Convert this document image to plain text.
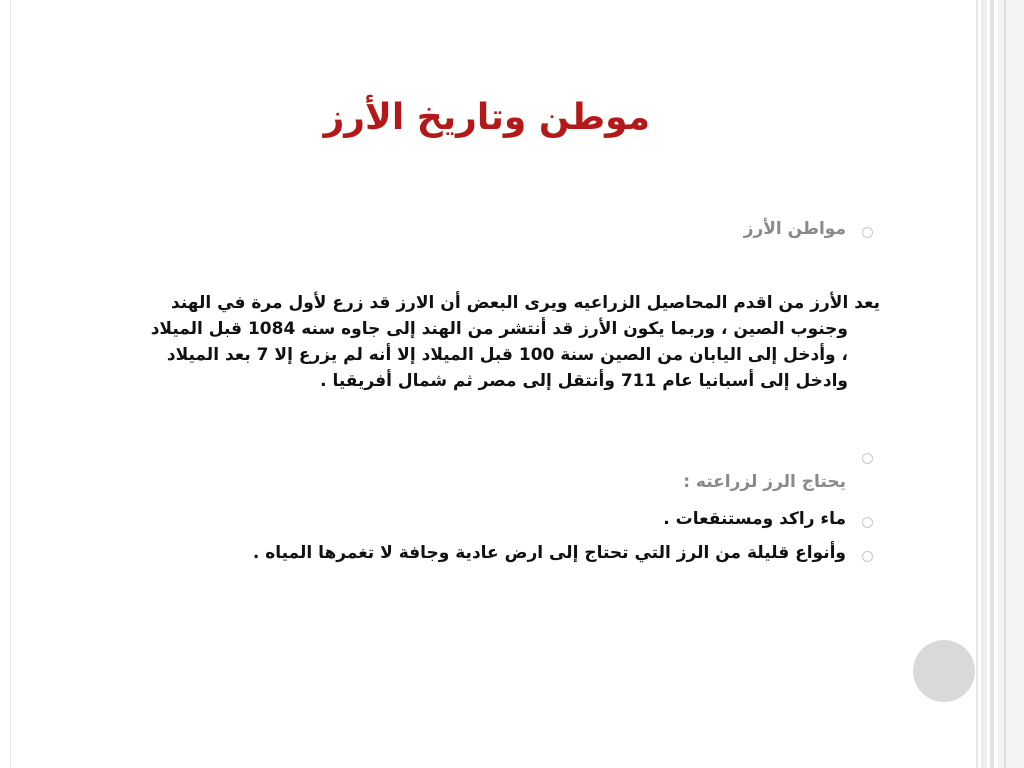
موطن وتاريخ الأرز
مواطن الأرز

يعد الأرز من اقدم المحاصيل الزراعيه ويرى البعض أن الارز قد زرع لأول مرة في الهند

وجنوب الصين ، وربما يكون الأرز قد أنتشر من الهند إلى جاوه سنه 1084 قبل الميلاد

، وأدخل إلى اليابان من الصين سنة 100 قبل الميلاد إلا أنه لم يزرع إلا 7 بعد الميلاد

وادخل إلى أسبانيا عام 711 وأنتقل إلى مصر ثم شمال أفريقيا .

يحتاج الرز لزراعته :
ماء راكد ومستنقعات .
وأنواع قليلة من الرز التي تحتاج إلى ارض عادية وجافة لا تغمرها المياه .
